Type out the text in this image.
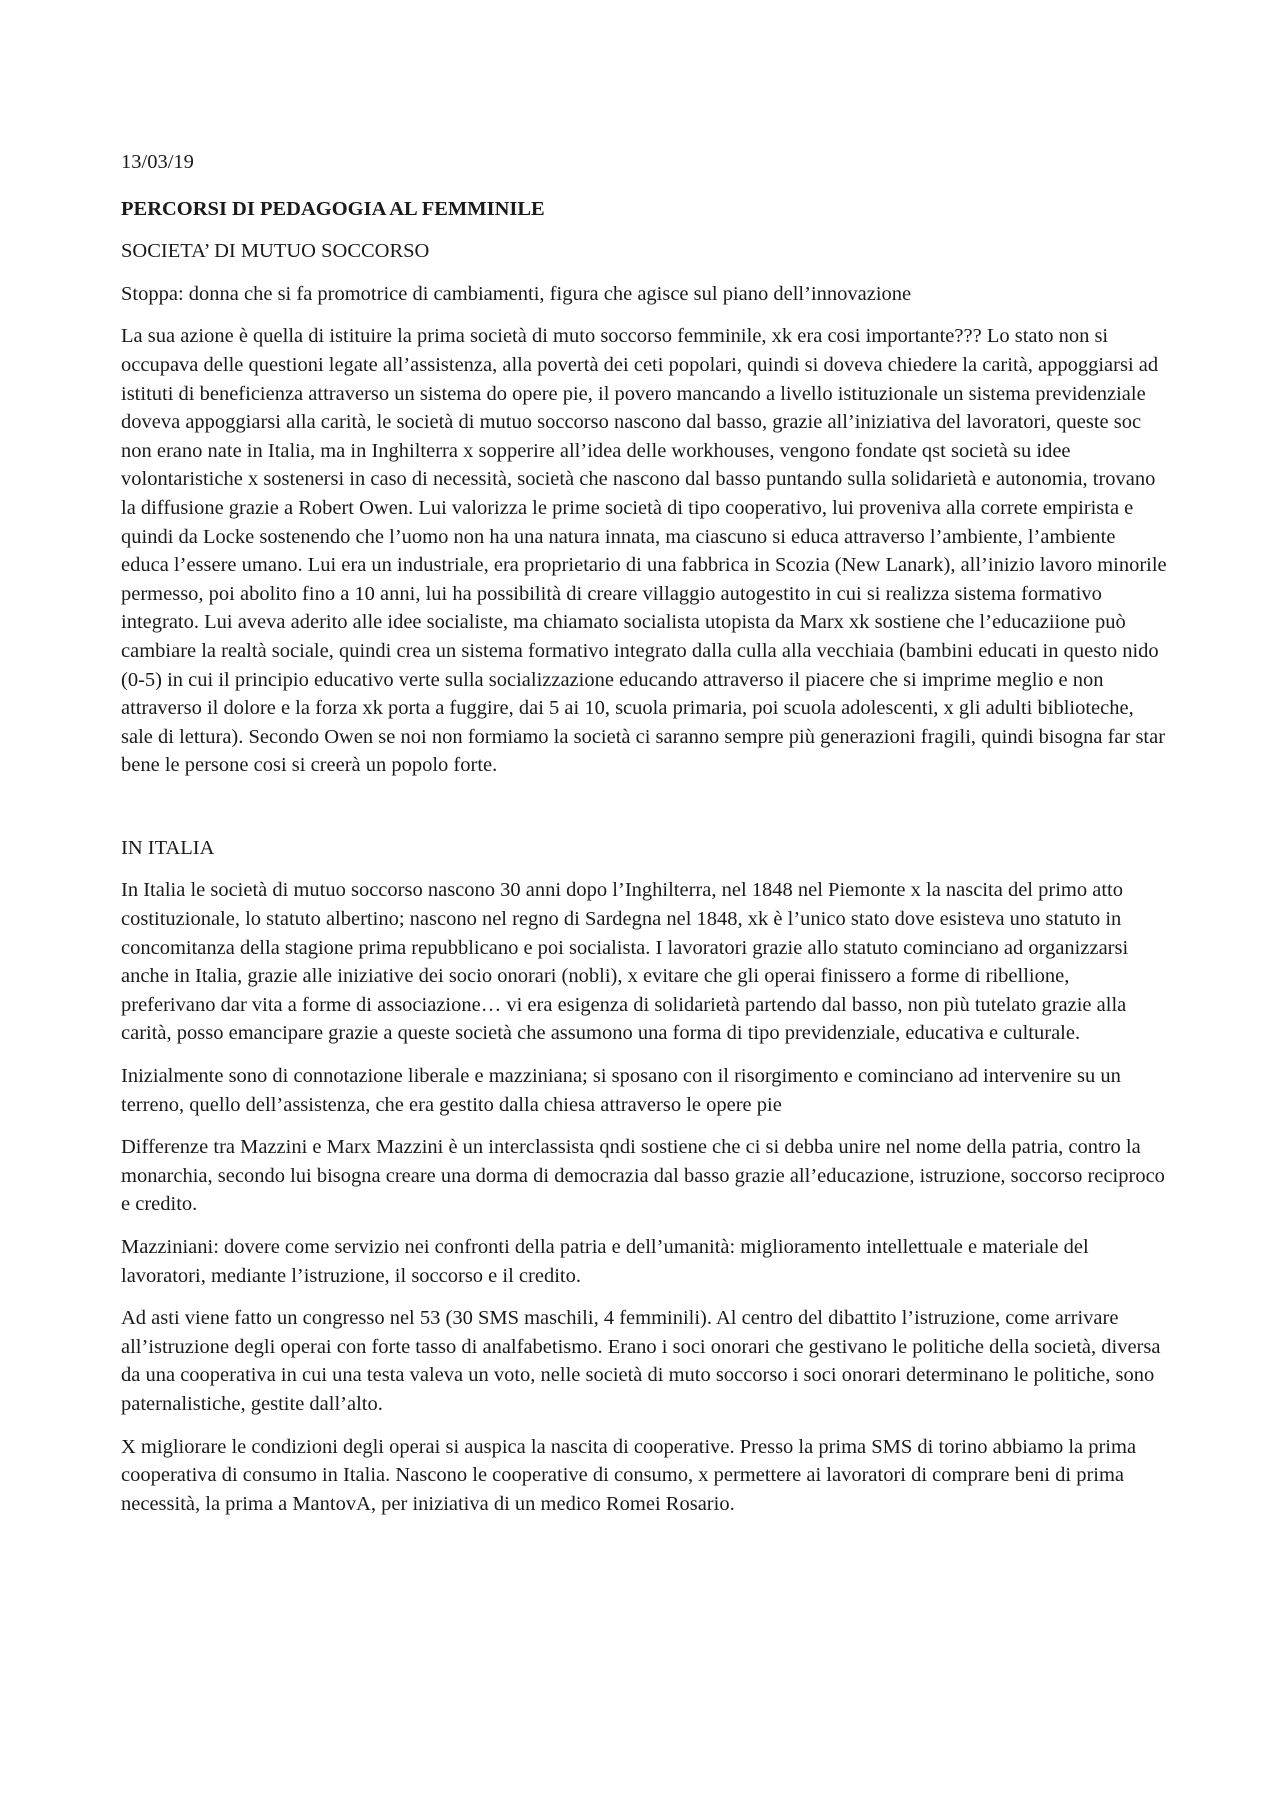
13/03/19

PERCORSI DI PEDAGOGIA AL FEMMINILE

SOCIETA’ DI MUTUO SOCCORSO

Stoppa: donna che si fa promotrice di cambiamenti, figura che agisce sul piano dell’innovazione

La sua azione è quella di istituire la prima società di muto soccorso femminile, xk era cosi importante??? Lo stato non si occupava delle questioni legate all’assistenza, alla povertà dei ceti popolari, quindi si doveva chiedere la carità, appoggiarsi ad istituti di beneficienza attraverso un sistema do opere pie, il povero mancando a livello istituzionale un sistema previdenziale doveva appoggiarsi alla carità, le società di mutuo soccorso nascono dal basso, grazie all’iniziativa del lavoratori, queste soc non erano nate in Italia, ma in Inghilterra x sopperire all’idea delle workhouses, vengono fondate qst società su idee volontaristiche x sostenersi in caso di necessità, società che nascono dal basso puntando sulla solidarietà e autonomia, trovano la diffusione grazie a Robert Owen. Lui valorizza le prime società di tipo cooperativo, lui proveniva alla correte empirista e quindi da Locke sostenendo che l’uomo non ha una natura innata, ma ciascuno si educa attraverso l’ambiente, l’ambiente educa l’essere umano. Lui era un industriale, era proprietario di una fabbrica in Scozia (New Lanark), all’inizio lavoro minorile permesso, poi abolito fino a 10 anni, lui ha possibilità di creare villaggio autogestito in cui si realizza sistema formativo integrato. Lui aveva aderito alle idee socialiste, ma chiamato socialista utopista da Marx xk sostiene che l’educaziione può cambiare la realtà sociale, quindi crea un sistema formativo integrato dalla culla alla vecchiaia (bambini educati in questo nido (0-5) in cui il principio educativo verte sulla socializzazione educando attraverso il piacere che si imprime meglio e non attraverso il dolore e la forza xk porta a fuggire, dai 5 ai 10, scuola primaria, poi scuola adolescenti, x gli adulti biblioteche, sale di lettura). Secondo Owen se noi non formiamo la società ci saranno sempre più generazioni fragili, quindi bisogna far star bene le persone cosi si creerà un popolo forte.

IN ITALIA

In Italia le società di mutuo soccorso nascono 30 anni dopo l’Inghilterra, nel 1848 nel Piemonte x la nascita del primo atto costituzionale, lo statuto albertino; nascono nel regno di Sardegna nel 1848, xk è l’unico stato dove esisteva uno statuto in concomitanza della stagione prima repubblicano e poi socialista. I lavoratori grazie allo statuto cominciano ad organizzarsi anche in Italia, grazie alle iniziative dei socio onorari (nobli), x evitare che gli operai finissero a forme di ribellione, preferivano dar vita a forme di associazione… vi era esigenza di solidarietà partendo dal basso, non più tutelato grazie alla carità, posso emancipare grazie a queste società che assumono una forma di tipo previdenziale, educativa e culturale.

Inizialmente sono di connotazione liberale e mazziniana; si sposano con il risorgimento e cominciano ad intervenire su un terreno, quello dell’assistenza, che era gestito dalla chiesa attraverso le opere pie

Differenze tra Mazzini e Marx Mazzini è un interclassista qndi sostiene che ci si debba unire nel nome della patria, contro la monarchia, secondo lui bisogna creare una dorma di democrazia dal basso grazie all’educazione, istruzione, soccorso reciproco e credito.

Mazziniani: dovere come servizio nei confronti della patria e dell’umanità: miglioramento intellettuale e materiale del lavoratori, mediante l’istruzione, il soccorso e il credito.

Ad asti viene fatto un congresso nel 53 (30 SMS maschili, 4 femminili). Al centro del dibattito l’istruzione, come arrivare all’istruzione degli operai con forte tasso di analfabetismo. Erano i soci onorari che gestivano le politiche della società, diversa da una cooperativa in cui una testa valeva un voto, nelle società di muto soccorso i soci onorari determinano le politiche, sono paternalistiche, gestite dall’alto.

X migliorare le condizioni degli operai si auspica la nascita di cooperative. Presso la prima SMS di torino abbiamo la prima cooperativa di consumo in Italia. Nascono le cooperative di consumo, x permettere ai lavoratori di comprare beni di prima necessità, la prima a MantovA, per iniziativa di un medico Romei Rosario.
